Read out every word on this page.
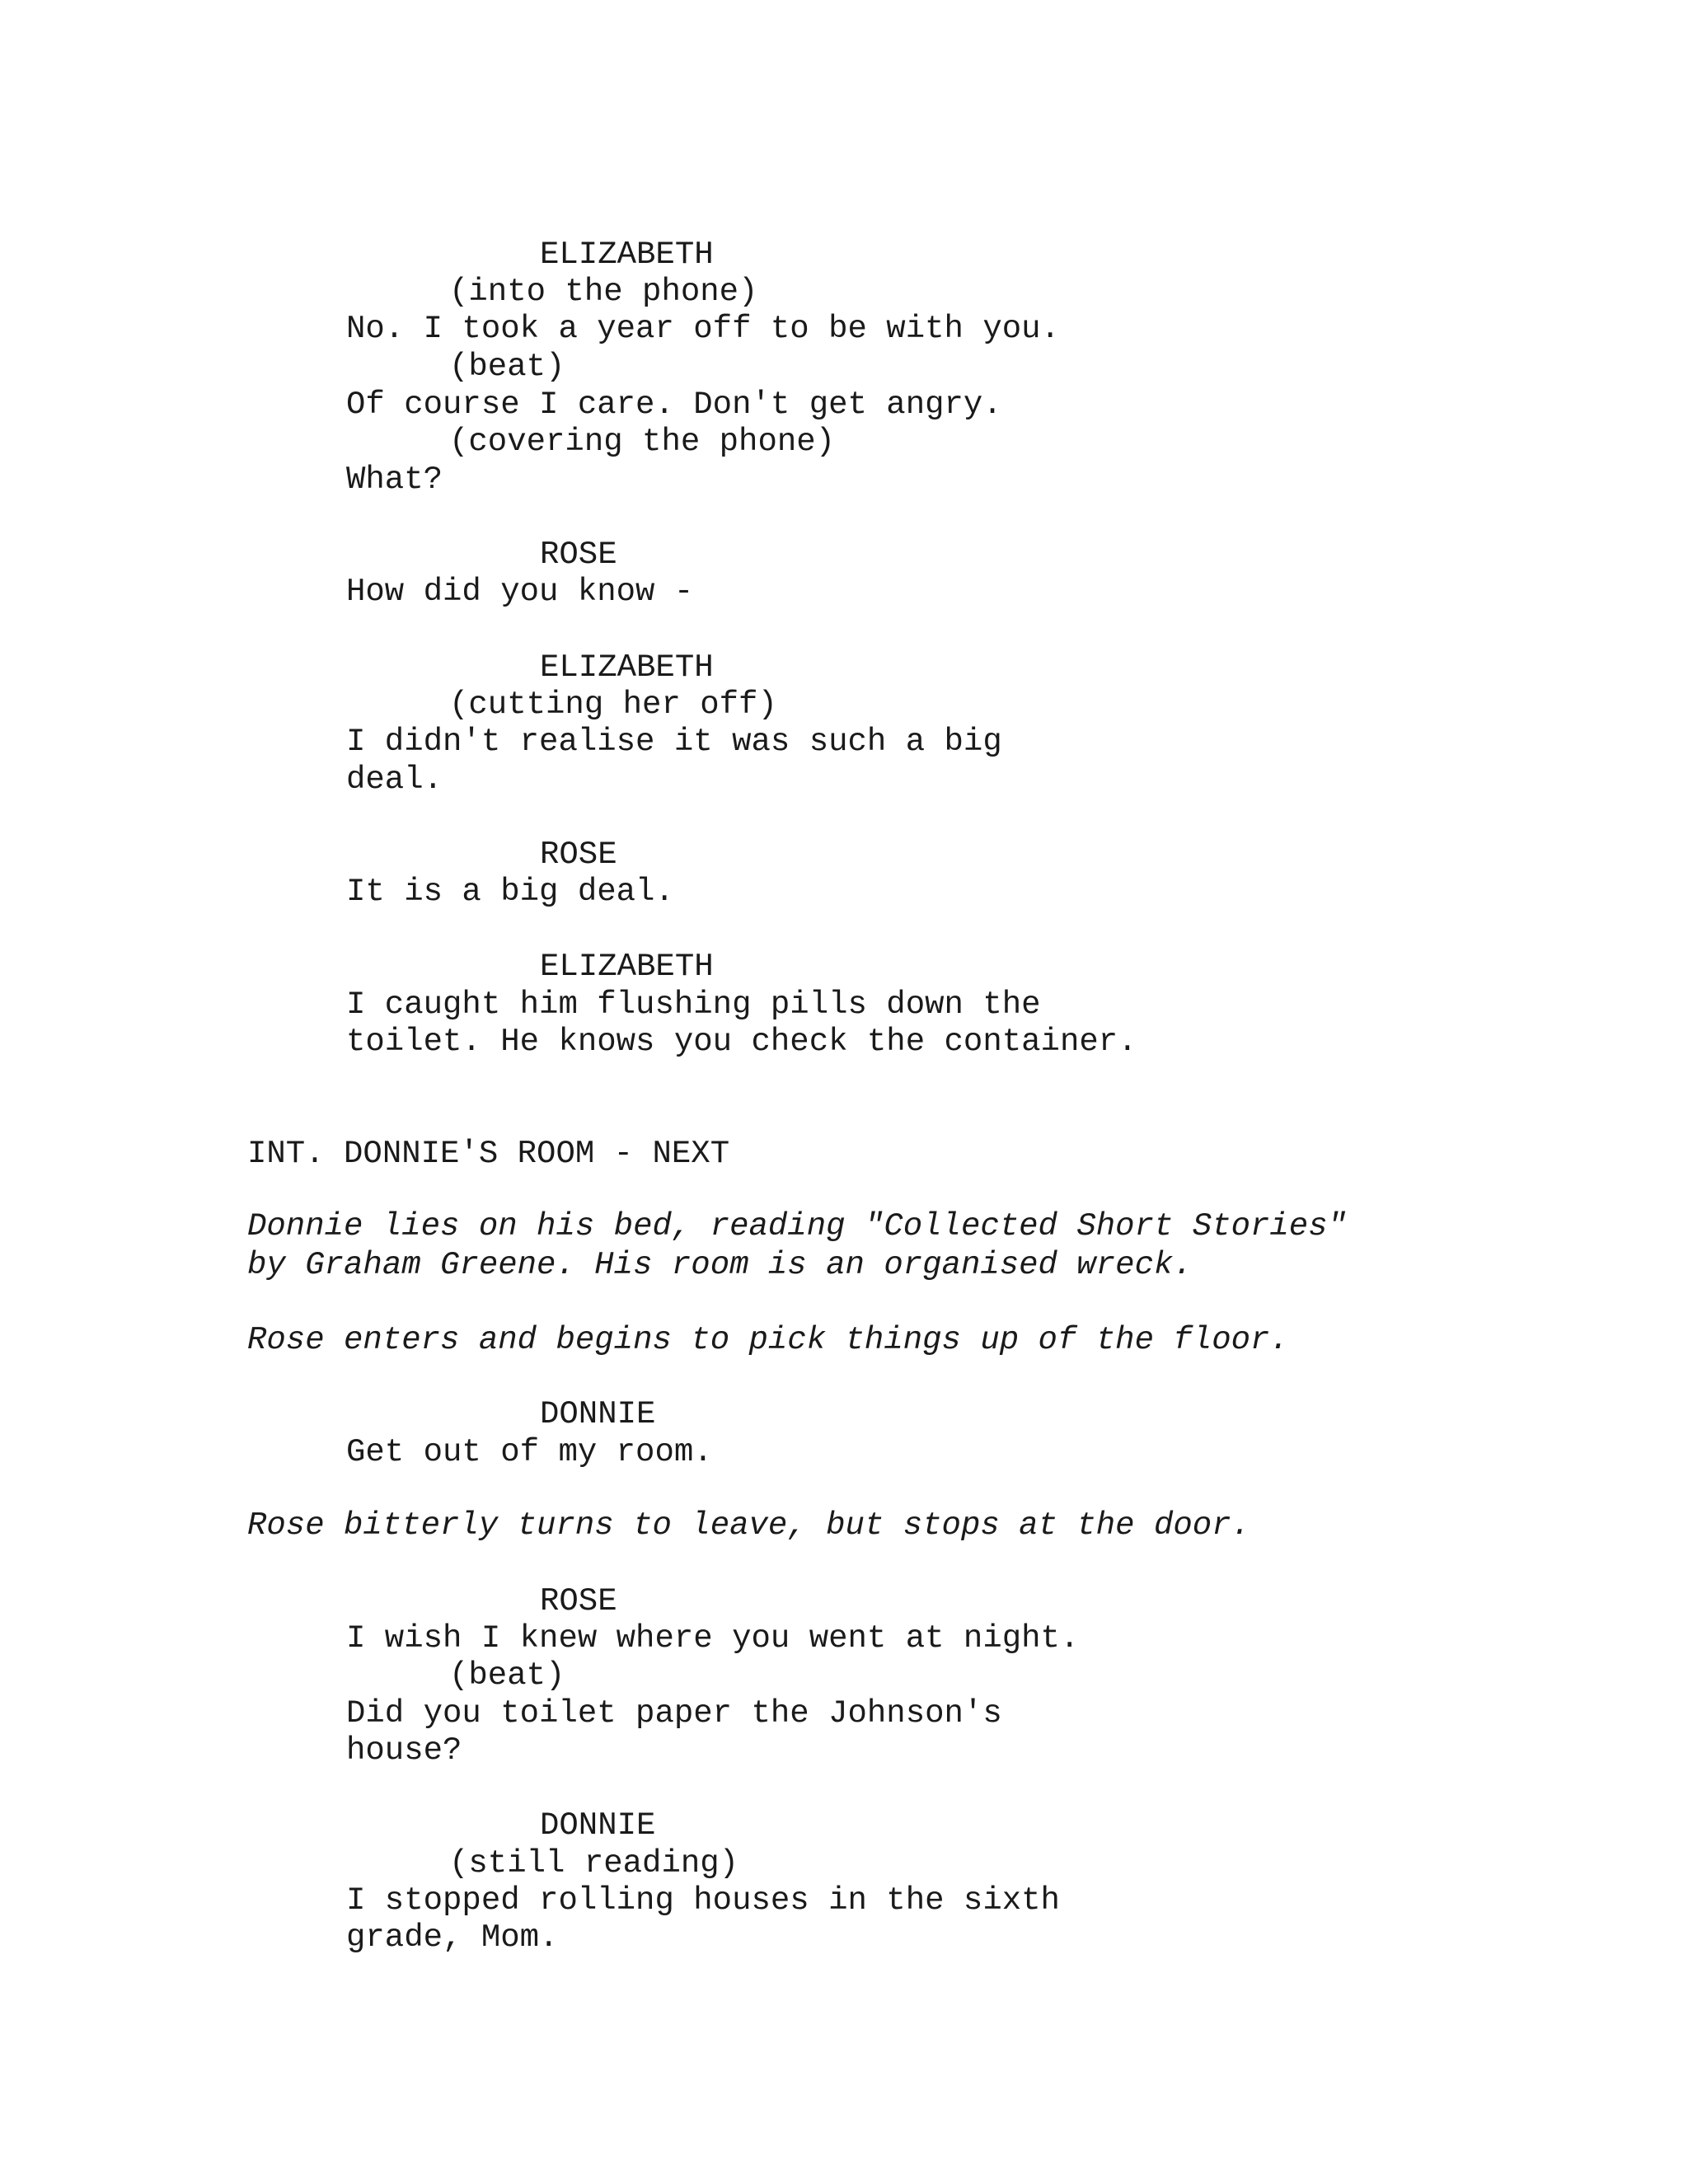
ELIZABETH
(into the phone)
No. I took a year off to be with you.
(beat)
Of course I care. Don't get angry.
(covering the phone)
What?
ROSE
How did you know -
ELIZABETH
(cutting her off)
I didn't realise it was such a big
deal.
ROSE
It is a big deal.
ELIZABETH
I caught him flushing pills down the
toilet. He knows you check the container.
INT. DONNIE'S ROOM - NEXT
Donnie lies on his bed, reading "Collected Short Stories"
by Graham Greene. His room is an organised wreck.
Rose enters and begins to pick things up of the floor.
DONNIE
Get out of my room.
Rose bitterly turns to leave, but stops at the door.
ROSE
I wish I knew where you went at night.
(beat)
Did you toilet paper the Johnson's
house?
DONNIE
(still reading)
I stopped rolling houses in the sixth
grade, Mom.
